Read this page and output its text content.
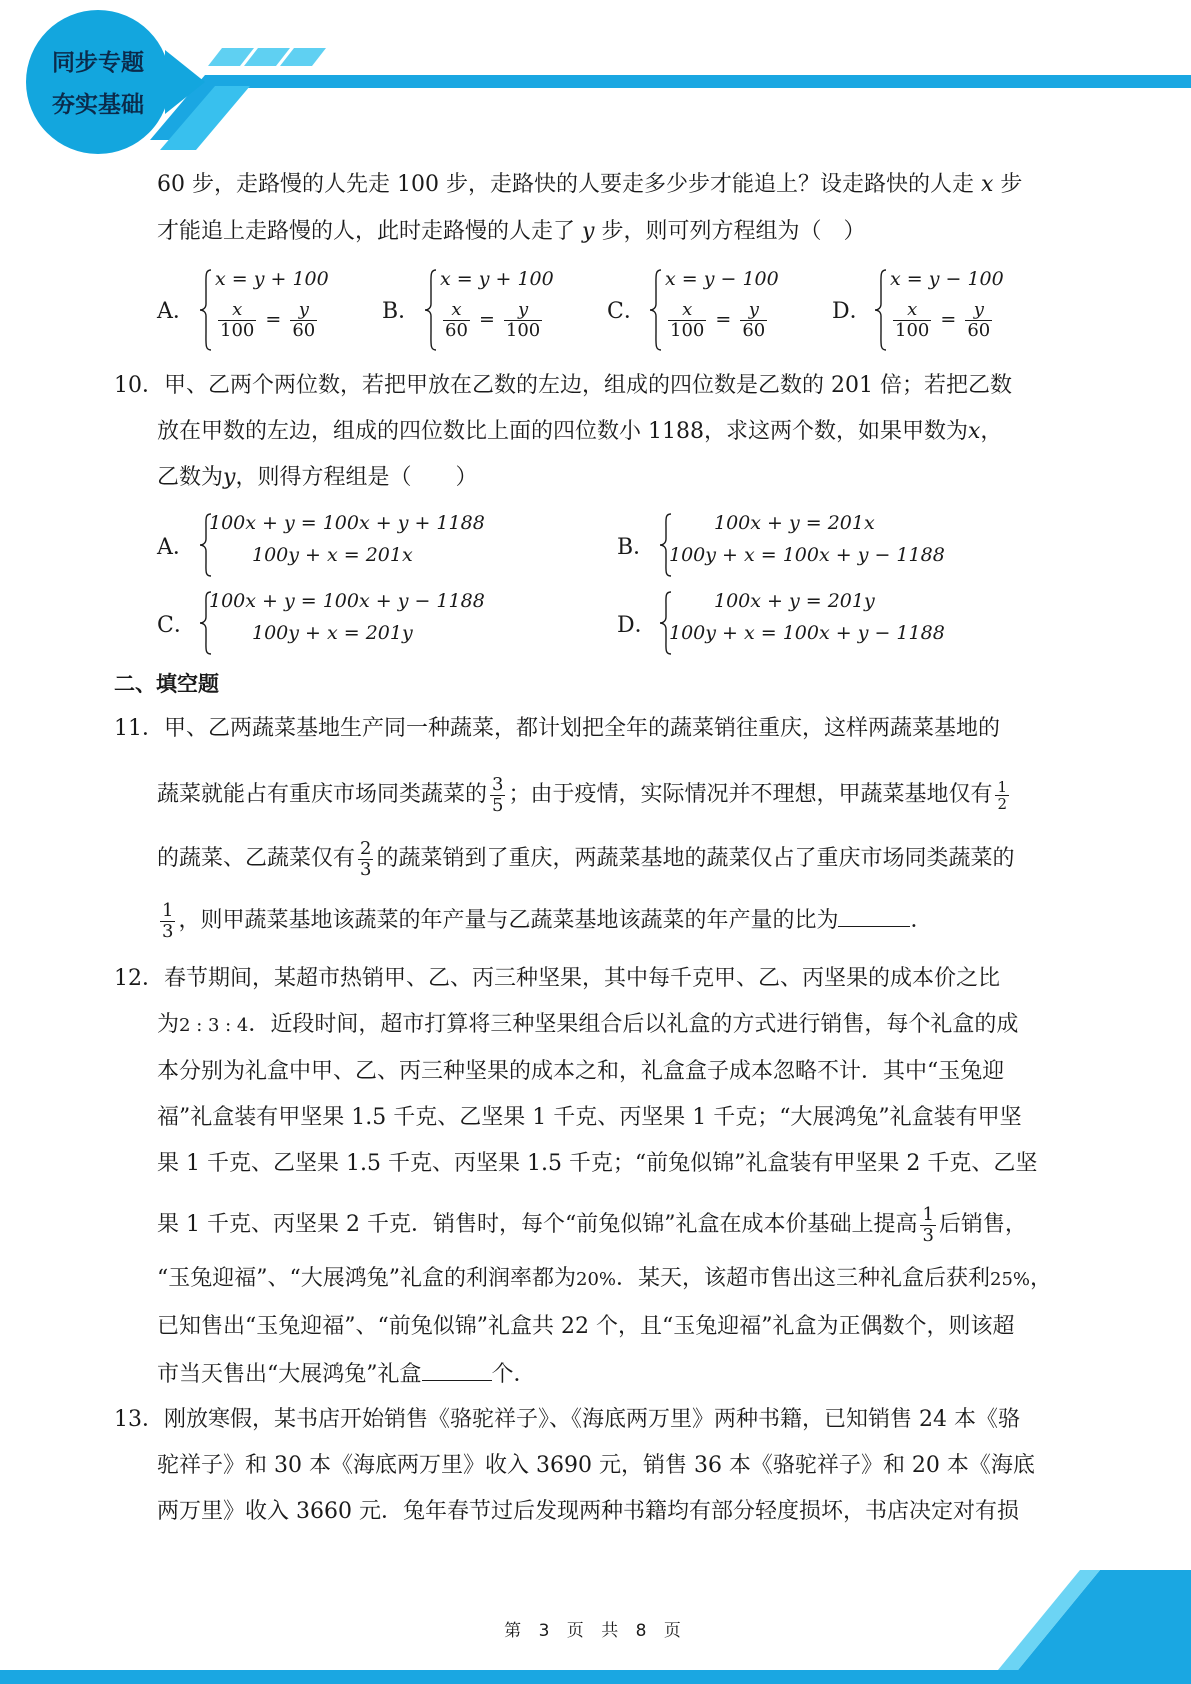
同步专题
夯实基础
60 步，走路慢的人先走 100 步，走路快的人要走多少步才能追上？设走路快的人走 x 步
才能追上走路慢的人，此时走路慢的人走了 y 步，则可列方程组为（　）
A．
x = y + 100
$\frac{x}{100} = \frac{y}{60}$	B．
x = y + 100
$\frac{x}{60} = \frac{y}{100}$	C．
x = y − 100
$\frac{x}{100} = \frac{y}{60}$	D．
x = y − 100
$\frac{x}{100} = \frac{y}{60}$
10．甲、乙两个两位数，若把甲放在乙数的左边，组成的四位数是乙数的 201 倍；若把乙数
放在甲数的左边，组成的四位数比上面的四位数小 1188，求这两个数，如果甲数为x，
乙数为y，则得方程组是（　　）
A．
100x + y = 100x + y + 1188
100y + x = 201x	B．
100x + y = 201x
100y + x = 100x + y − 1188
C．
100x + y = 100x + y − 1188
100y + x = 201y	D．
100x + y = 201y
100y + x = 100x + y − 1188
二、填空题
11．甲、乙两蔬菜基地生产同一种蔬菜，都计划把全年的蔬菜销往重庆，这样两蔬菜基地的
蔬菜就能占有重庆市场同类蔬菜的 $\frac{3}{5}$ ；由于疫情，实际情况并不理想，甲蔬菜基地仅有 $\frac{1}{2}$
的蔬菜、乙蔬菜仅有 $\frac{2}{3}$ 的蔬菜销到了重庆，两蔬菜基地的蔬菜仅占了重庆市场同类蔬菜的
$\frac{1}{3}$ ，则甲蔬菜基地该蔬菜的年产量与乙蔬菜基地该蔬菜的年产量的比为	．
12．春节期间，某超市热销甲、乙、丙三种坚果，其中每千克甲、乙、丙坚果的成本价之比
为2 : 3 : 4．近段时间，超市打算将三种坚果组合后以礼盒的方式进行销售，每个礼盒的成
本分别为礼盒中甲、乙、丙三种坚果的成本之和，礼盒盒子成本忽略不计．其中“玉兔迎
福”礼盒装有甲坚果 1.5 千克、乙坚果 1 千克、丙坚果 1 千克；“大展鸿兔”礼盒装有甲坚
果 1 千克、乙坚果 1.5 千克、丙坚果 1.5 千克；“前兔似锦”礼盒装有甲坚果 2 千克、乙坚
果 1 千克、丙坚果 2 千克．销售时，每个“前兔似锦”礼盒在成本价基础上提高 $\frac{1}{3}$ 后销售，
“玉兔迎福”、“大展鸿兔”礼盒的利润率都为20%．某天，该超市售出这三种礼盒后获利25%，
已知售出“玉兔迎福”、“前兔似锦”礼盒共 22 个，且“玉兔迎福”礼盒为正偶数个，则该超
市当天售出“大展鸿兔”礼盒	个．
13．刚放寒假，某书店开始销售《骆驼祥子》、《海底两万里》两种书籍，已知销售 24 本《骆
驼祥子》和 30 本《海底两万里》收入 3690 元，销售 36 本《骆驼祥子》和 20 本《海底
两万里》收入 3660 元．兔年春节过后发现两种书籍均有部分轻度损坏，书店决定对有损
第 3 页 共 8 页
